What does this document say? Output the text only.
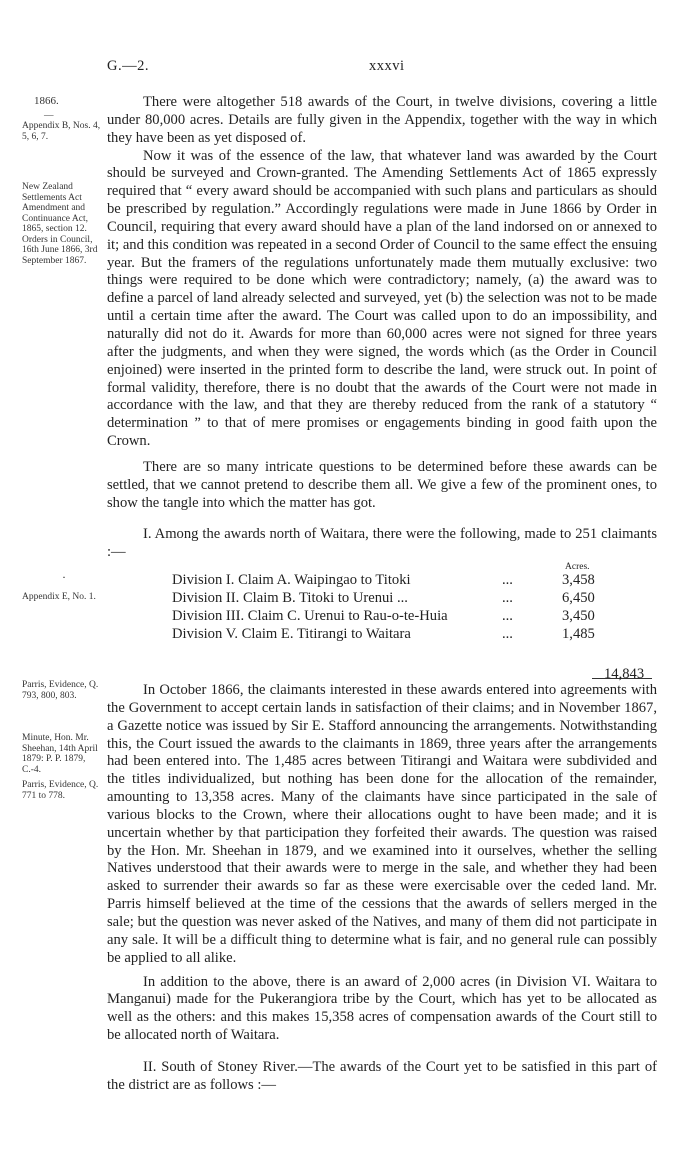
G.—2.	xxxvi
1866.
—
Appendix B, Nos. 4, 5, 6, 7.
New Zealand Settlements Act Amendment and Continuance Act, 1865, section 12. Orders in Council, 16th June 1866, 3rd September 1867.
Appendix E, No. 1.
Parris, Evidence, Q. 793, 800, 803.
Minute, Hon. Mr. Sheehan, 14th April 1879: P. P. 1879, C.-4.
Parris, Evidence, Q. 771 to 778.
·

There were altogether 518 awards of the Court, in twelve divisions, covering a little under 80,000 acres. Details are fully given in the Appendix, together with the way in which they have been as yet disposed of.

Now it was of the essence of the law, that whatever land was awarded by the Court should be surveyed and Crown-granted. The Amending Settlements Act of 1865 expressly required that “ every award should be accompanied with such plans and particulars as should be prescribed by regulation.” Accordingly regulations were made in June 1866 by Order in Council, requiring that every award should have a plan of the land indorsed on or annexed to it; and this condition was repeated in a second Order of Council to the same effect the ensuing year. But the framers of the regulations unfortunately made them mutually exclusive: two things were required to be done which were contradictory; namely, (a) the award was to define a parcel of land already selected and surveyed, yet (b) the selection was not to be made until a certain time after the award. The Court was called upon to do an impossibility, and naturally did not do it. Awards for more than 60,000 acres were not signed for three years after the judgments, and when they were signed, the words which (as the Order in Council enjoined) were inserted in the printed form to describe the land, were struck out. In point of formal validity, therefore, there is no doubt that the awards of the Court were not made in accordance with the law, and that they are thereby reduced from the rank of a statutory “ determination ” to that of mere promises or engagements binding in good faith upon the Crown.

There are so many intricate questions to be determined before these awards can be settled, that we cannot pretend to describe them all. We give a few of the prominent ones, to show the tangle into which the matter has got.

I. Among the awards north of Waitara, there were the following, made to 251 claimants :—

Acres.
Division I. Claim A. Waipingao to Titoki	...	3,458
Division II. Claim B. Titoki to Urenui ...	...	6,450
Division III. Claim C. Urenui to Rau-o-te-Huia	...	3,450
Division V. Claim E. Titirangi to Waitara	...	1,485
14,843

In October 1866, the claimants interested in these awards entered into agreements with the Government to accept certain lands in satisfaction of their claims; and in November 1867, a Gazette notice was issued by Sir E. Stafford announcing the arrangements. Notwithstanding this, the Court issued the awards to the claimants in 1869, three years after the arrangements had been entered into. The 1,485 acres between Titirangi and Waitara were subdivided and the titles individualized, but nothing has been done for the allocation of the remainder, amounting to 13,358 acres. Many of the claimants have since participated in the sale of various blocks to the Crown, where their allocations ought to have been made; and it is uncertain whether by that participation they forfeited their awards. The question was raised by the Hon. Mr. Sheehan in 1879, and we examined into it ourselves, whether the selling Natives understood that their awards were to merge in the sale, and whether they had been asked to surrender their awards so far as these were exercisable over the ceded land. Mr. Parris himself believed at the time of the cessions that the awards of sellers merged in the sale; but the question was never asked of the Natives, and many of them did not participate in any sale. It will be a difficult thing to determine what is fair, and no general rule can possibly be applied to all alike.

In addition to the above, there is an award of 2,000 acres (in Division VI. Waitara to Manganui) made for the Pukerangiora tribe by the Court, which has yet to be allocated as well as the others: and this makes 15,358 acres of compensation awards of the Court still to be allocated north of Waitara.

II. South of Stoney River.—The awards of the Court yet to be satisfied in this part of the district are as follows :—
